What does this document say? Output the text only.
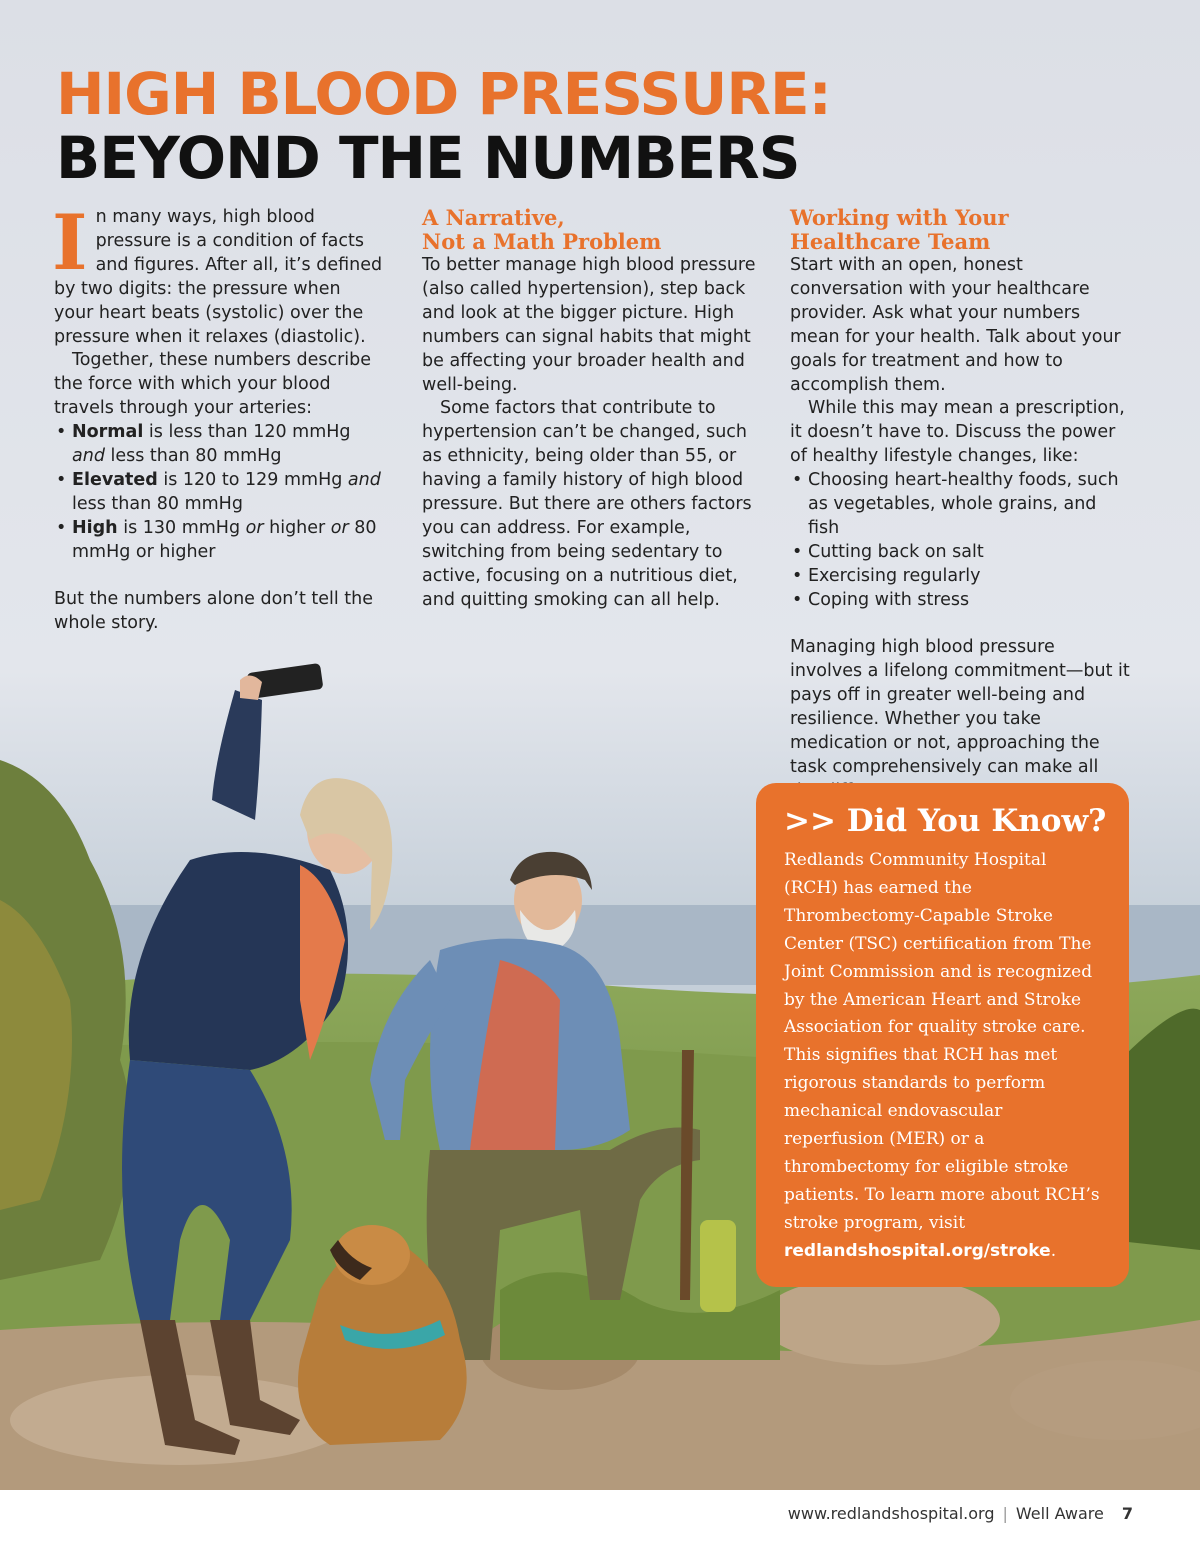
HIGH BLOOD PRESSURE:
BEYOND THE NUMBERS

In many ways, high blood pressure is a condition of facts and figures. After all, it’s defined by two digits: the pressure when your heart beats (systolic) over the pressure when it relaxes (diastolic).

Together, these numbers describe the force with which your blood travels through your arteries:

• Normal is less than 120 mmHg and less than 80 mmHg
• Elevated is 120 to 129 mmHg and less than 80 mmHg
• High is 130 mmHg or higher or 80 mmHg or higher

But the numbers alone don’t tell the whole story.

A Narrative,
Not a Math Problem

To better manage high blood pressure (also called hypertension), step back and look at the bigger picture. High numbers can signal habits that might be affecting your broader health and well-being.

Some factors that contribute to hypertension can’t be changed, such as ethnicity, being older than 55, or having a family history of high blood pressure. But there are others factors you can address. For example, switching from being sedentary to active, focusing on a nutritious diet, and quitting smoking can all help.

Working with Your
Healthcare Team

Start with an open, honest conversation with your healthcare provider. Ask what your numbers mean for your health. Talk about your goals for treatment and how to accomplish them.

While this may mean a prescription, it doesn’t have to. Discuss the power of healthy lifestyle changes, like:

• Choosing heart-healthy foods, such as vegetables, whole grains, and fish
• Cutting back on salt
• Exercising regularly
• Coping with stress

Managing high blood pressure involves a lifelong commitment—but it pays off in greater well-being and resilience. Whether you take medication or not, approaching the task comprehensively can make all

>> Did You Know?

Redlands Community Hospital (RCH) has earned the Thrombectomy-Capable Stroke Center (TSC) certification from The Joint Commission and is recognized by the American Heart and Stroke Association for quality stroke care. This signifies that RCH has met rigorous standards to perform mechanical endovascular reperfusion (MER) or a thrombectomy for eligible stroke patients. To learn more about RCH’s stroke program, visit redlandshospital.org/stroke.

www.redlandshospital.org | Well Aware 7
